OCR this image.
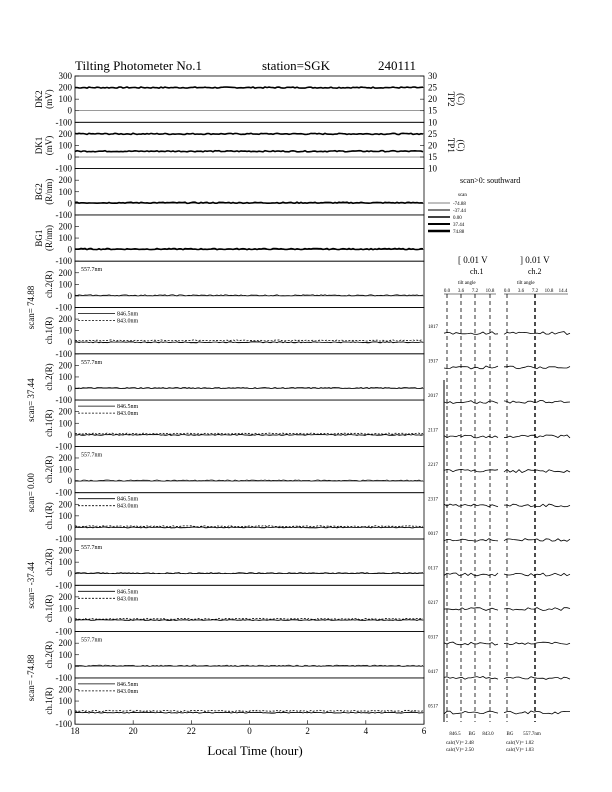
Tilting Photometer No.1	station=SGK	240111
300
200
100
0
-100
DK2 (mV)
30
25
20
15
10
TP2 (C)
200
100
0
-100
DK1 (mV)
25
20
15
10
TP1 (C)
200
100
0
-100
BG2 (R/nm)
200
100
0
-100
BG1 (R/nm)
200
100
0
-100
ch.2(R)
557.7nm
200
100
0
-100
ch.1(R)
846.5nm
843.0nm
200
100
0
-100
ch.2(R)
557.7nm
200
100
0
-100
ch.1(R)
846.5nm
843.0nm
200
100
0
-100
ch.2(R)
557.7nm
200
100
0
-100
ch.1(R)
846.5nm
843.0nm
200
100
0
-100
ch.2(R)
557.7nm
200
100
0
-100
ch.1(R)
846.5nm
843.0nm
200
100
0
-100
ch.2(R)
557.7nm
200
100
0
-100
ch.1(R)
846.5nm
843.0nm
Local Time (hour)
18	20	22	0	2	4	6
scan= 74.88
scan= 37.44
scan= 0.00
scan= -37.44
scan= -74.88
scan>0: southward
scan
-74.88
-37.44
0.00
37.44
74.88
[ 0.01 V	] 0.01 V
ch.1	ch.2
tilt angle	tilt angle
0.0 3.6 7.2 10.8 0.0 3.6 7.2 10.8 14.4
1817
1917
2017
2117
2217
2317
0017
0117
0217
0317
0417
0517
846.5 BG 843.0	BG 557.7nm
calc(V)= 2.48
calc(V)= 2.50
calc(V)= 1.02
calc(V)= 1.03
